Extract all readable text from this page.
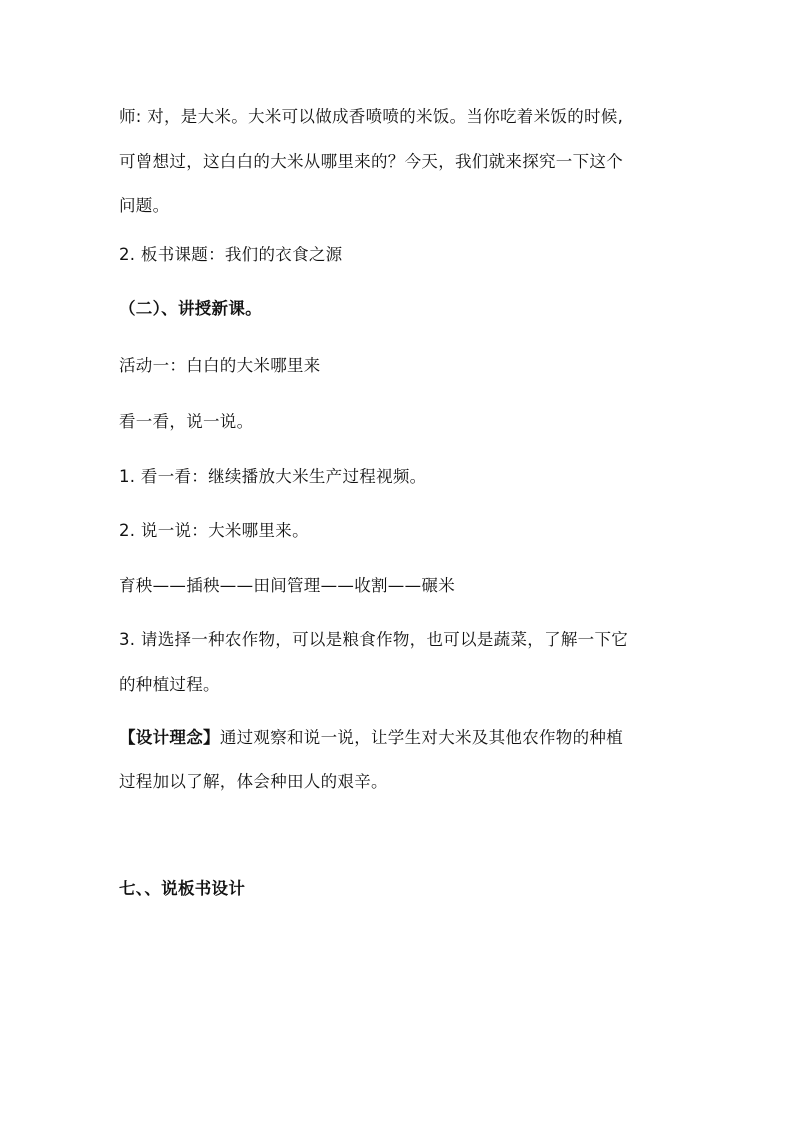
师: 对，是大米。大米可以做成香喷喷的米饭。当你吃着米饭的时候,
可曾想过，这白白的大米从哪里来的？今天，我们就来探究一下这个
问题。
2. 板书课题：我们的衣食之源
（二）、讲授新课。
活动一：白白的大米哪里来
看一看，说一说。
1. 看一看：继续播放大米生产过程视频。
2. 说一说：大米哪里来。
育秧——插秧——田间管理——收割——碾米
3. 请选择一种农作物，可以是粮食作物，也可以是蔬菜，了解一下它
的种植过程。
【设计理念】通过观察和说一说，让学生对大米及其他农作物的种植
过程加以了解，体会种田人的艰辛。
七、、说板书设计
